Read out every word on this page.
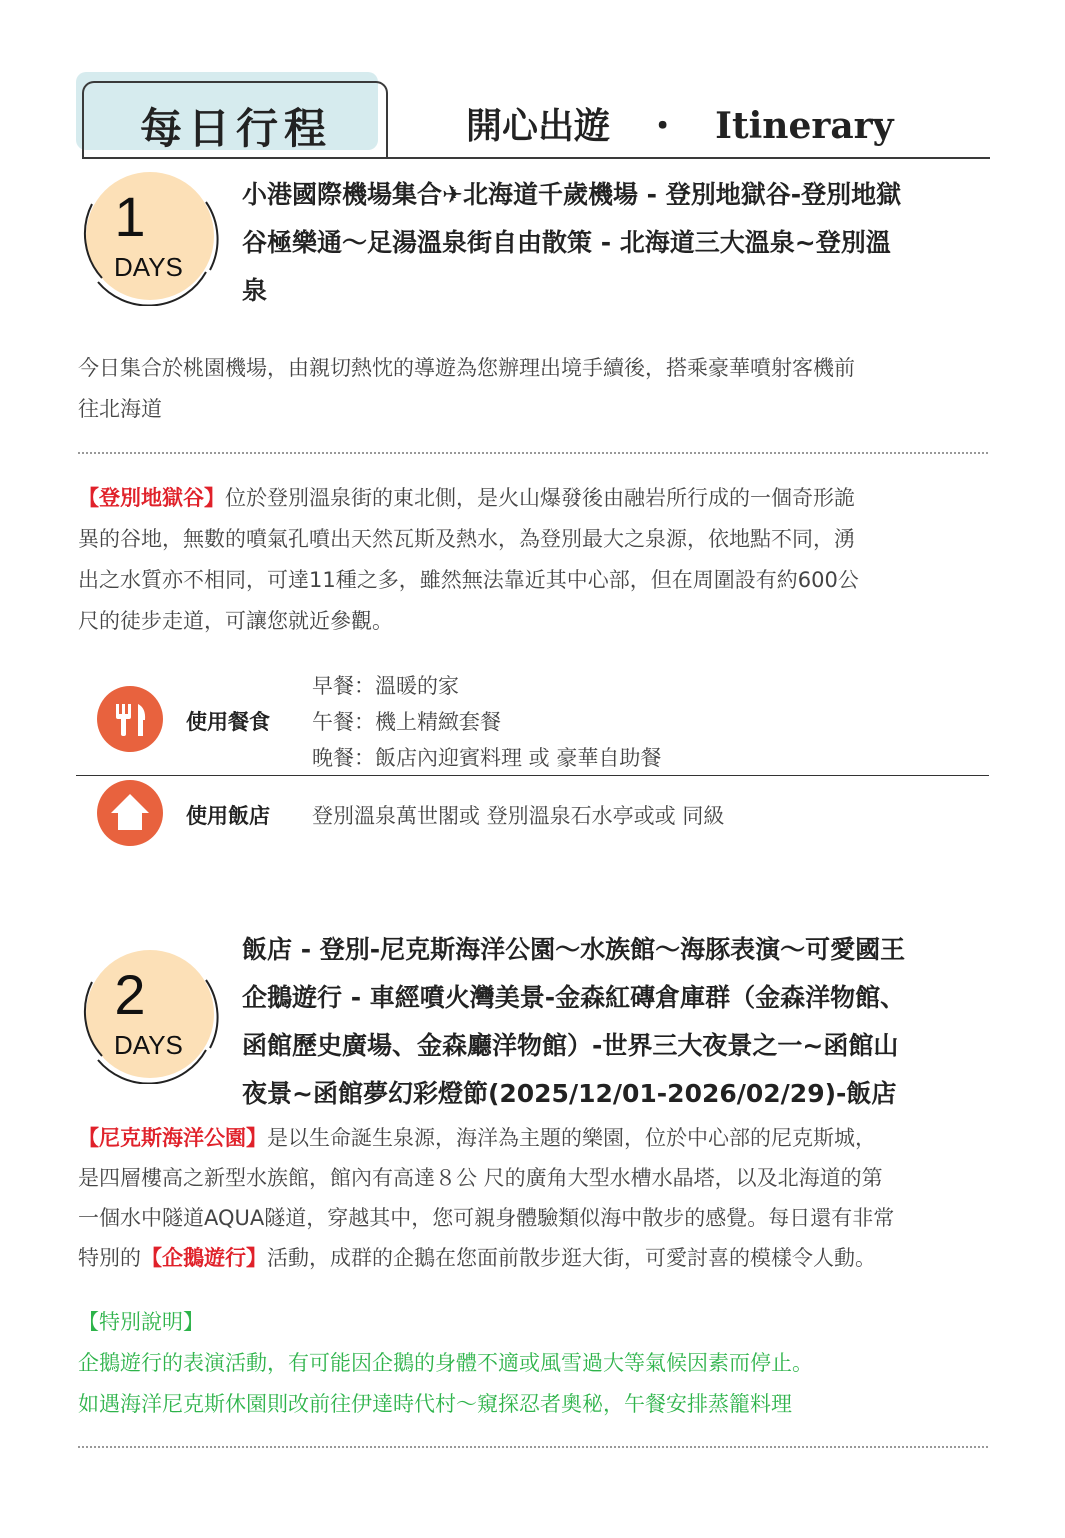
每日行程	開心出遊 ・ Itinerary
1
DAYS
小港國際機場集合✈北海道千歲機場 - 登別地獄谷-登別地獄
谷極樂通～足湯溫泉街自由散策 - 北海道三大溫泉~登別溫
泉
今日集合於桃園機場，由親切熱忱的導遊為您辦理出境手續後，搭乘豪華噴射客機前
往北海道
【登別地獄谷】位於登別溫泉街的東北側，是火山爆發後由融岩所行成的一個奇形詭
異的谷地，無數的噴氣孔噴出天然瓦斯及熱水，為登別最大之泉源，依地點不同，湧
出之水質亦不相同，可達11種之多，雖然無法靠近其中心部，但在周圍設有約600公
尺的徒步走道，可讓您就近參觀。
使用餐食
早餐：溫暖的家
午餐：機上精緻套餐
晚餐：飯店內迎賓料理 或 豪華自助餐
使用飯店 登別溫泉萬世閣或 登別溫泉石水亭或或 同級
2
DAYS
飯店 - 登別-尼克斯海洋公園～水族館～海豚表演～可愛國王
企鵝遊行 - 車經噴火灣美景-金森紅磚倉庫群（金森洋物館、
函館歷史廣場、金森廳洋物館）-世界三大夜景之一~函館山
夜景~函館夢幻彩燈節(2025/12/01-2026/02/29)-飯店
【尼克斯海洋公園】是以生命誕生泉源，海洋為主題的樂園，位於中心部的尼克斯城，
是四層樓高之新型水族館，館內有高達８公 尺的廣角大型水槽水晶塔，以及北海道的第
一個水中隧道AQUA隧道，穿越其中，您可親身體驗類似海中散步的感覺。每日還有非常
特別的【企鵝遊行】活動，成群的企鵝在您面前散步逛大街，可愛討喜的模樣令人動。
【特別說明】
企鵝遊行的表演活動，有可能因企鵝的身體不適或風雪過大等氣候因素而停止。
如遇海洋尼克斯休園則改前往伊達時代村～窺探忍者奧秘，午餐安排蒸籠料理
